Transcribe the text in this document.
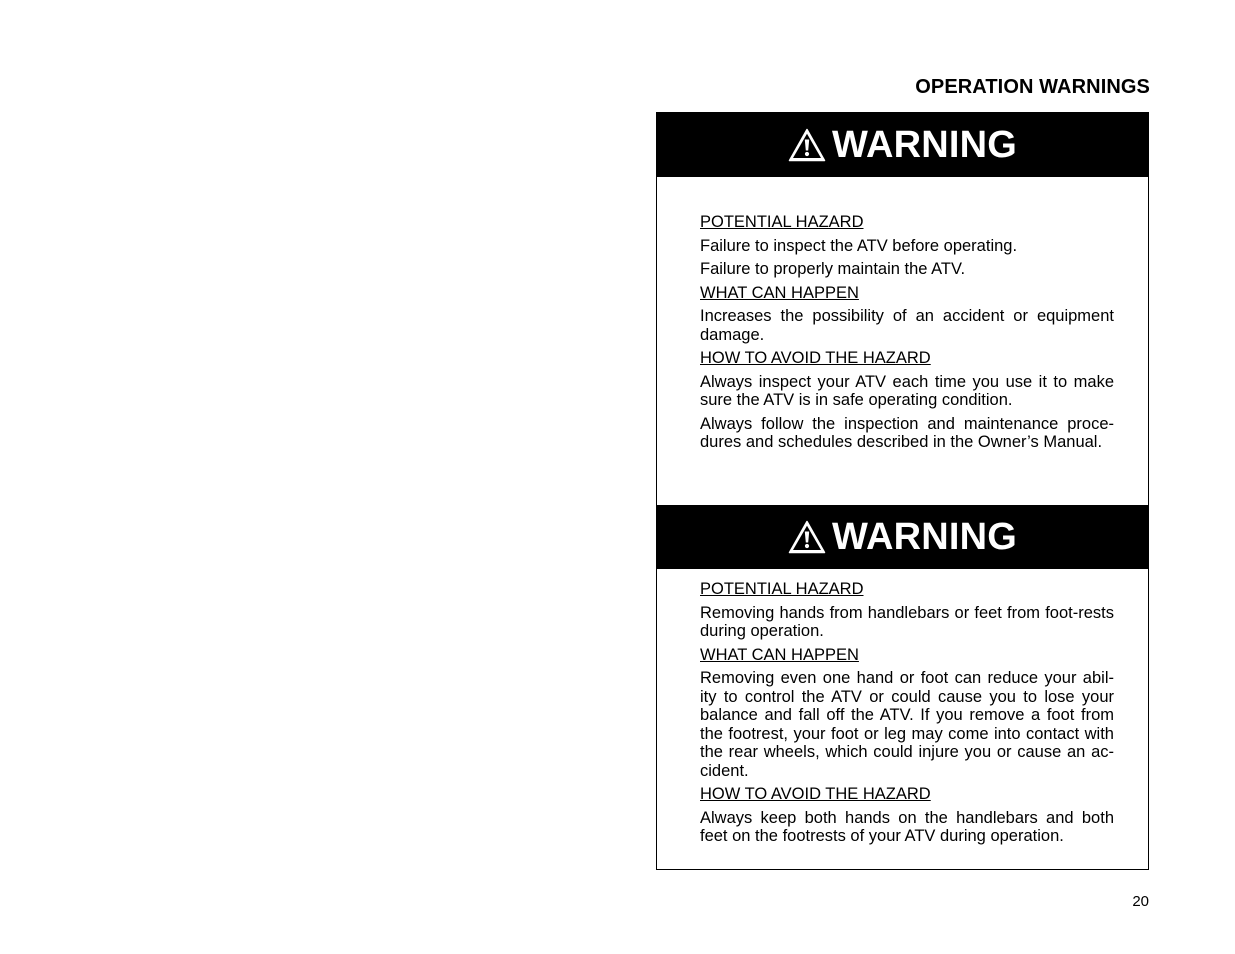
OPERATION WARNINGS
WARNING
POTENTIAL HAZARD
Failure to inspect the ATV before operating.
Failure to properly maintain the ATV.
WHAT CAN HAPPEN
Increases the possibility of an accident or equipment damage.
HOW TO AVOID THE HAZARD
Always inspect your ATV each time you use it to make sure the ATV is in safe operating condition.
Always follow the inspection and maintenance proce-dures and schedules described in the Owner’s Manual.
WARNING
POTENTIAL HAZARD
Removing hands from handlebars or feet from foot-rests during operation.
WHAT CAN HAPPEN
Removing even one hand or foot can reduce your abil-ity to control the ATV or could cause you to lose your balance and fall off the ATV. If you remove a foot from the footrest, your foot or leg may come into contact with the rear wheels, which could injure you or cause an ac-cident.
HOW TO AVOID THE HAZARD
Always keep both hands on the handlebars and both feet on the footrests of your ATV during operation.
20
